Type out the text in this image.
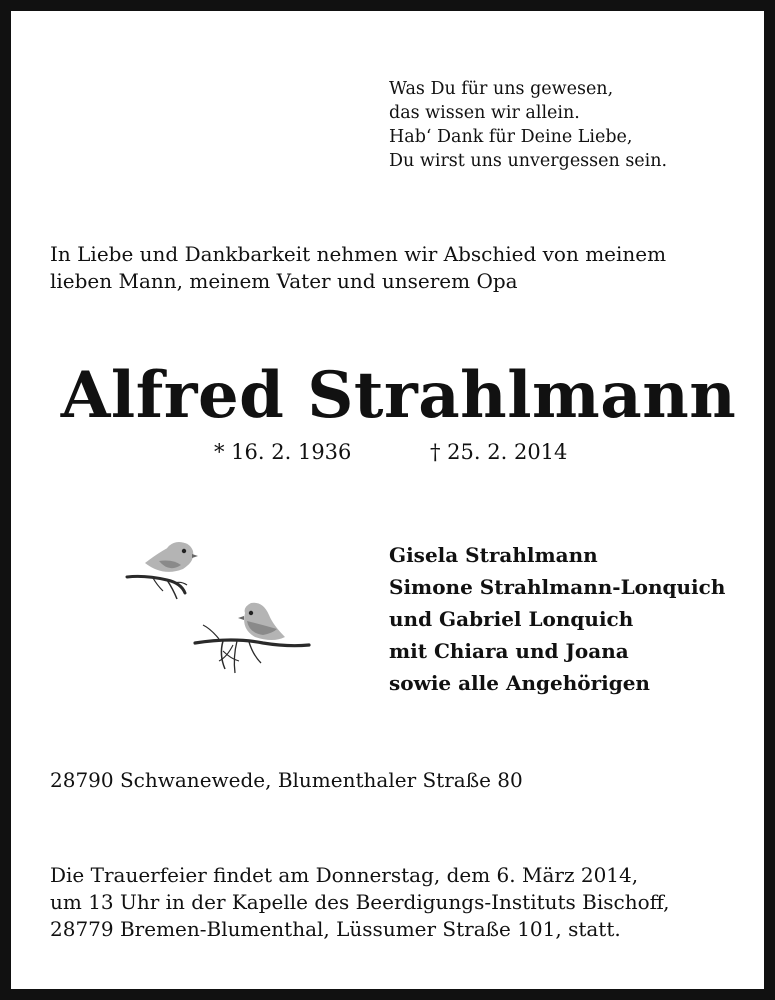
Was Du für uns gewesen,
das wissen wir allein.
Hab‘ Dank für Deine Liebe,
Du wirst uns unvergessen sein.
In Liebe und Dankbarkeit nehmen wir Abschied von meinem
lieben Mann, meinem Vater und unserem Opa
Alfred Strahlmann
* 16. 2. 1936	† 25. 2. 2014
Gisela Strahlmann
Simone Strahlmann-Lonquich
und Gabriel Lonquich
mit Chiara und Joana
sowie alle Angehörigen
28790 Schwanewede, Blumenthaler Straße 80
Die Trauerfeier findet am Donnerstag, dem 6. März 2014,
um 13 Uhr in der Kapelle des Beerdigungs-Instituts Bischoff,
28779 Bremen-Blumenthal, Lüssumer Straße 101, statt.
